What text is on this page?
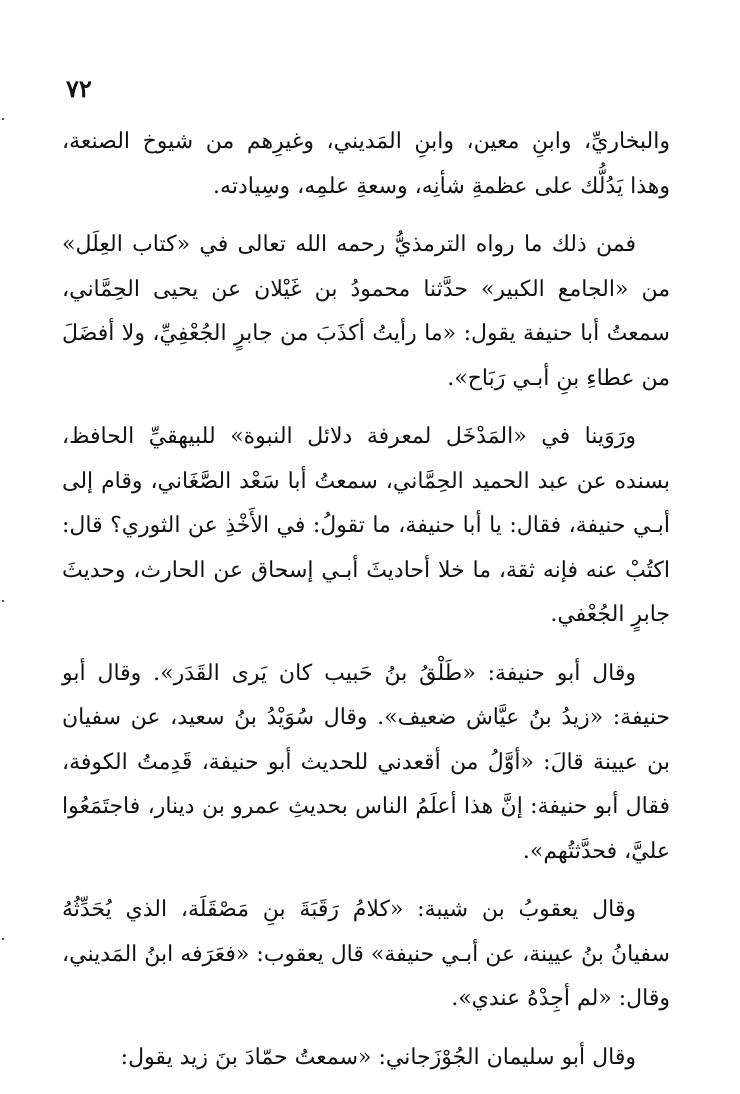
٧٢

والبخاريِّ، وابنِ معين، وابنِ المَديني، وغيرِهم من شيوخ الصنعة، وهذا يَدُلُّك على عظمةِ شأنِه، وسعةِ علمِه، وسِيادته.

فمن ذلك ما رواه الترمذيُّ رحمه الله تعالى في «كتاب العِلَل» من «الجامع الكبير» حدَّثنا محمودُ بن غَيْلان عن يحيى الحِمَّاني، سمعتُ أبا حنيفة يقول: «ما رأيتُ أكذَبَ من جابرٍ الجُعْفِيِّ، ولا أفضَلَ من عطاءِ بنِ أبـي رَبَاح».

ورَوَينا في «المَدْخَل لمعرفة دلائل النبوة» للبيهقيِّ الحافظ، بسنده عن عبد الحميد الحِمَّاني، سمعتُ أبا سَعْد الصَّغَاني، وقام إلى أبـي حنيفة، فقال: يا أبا حنيفة، ما تقولُ: في الأَخْذِ عن الثوري؟ قال: اكتُبْ عنه فإنه ثقة، ما خلا أحاديثَ أبـي إسحاق عن الحارث، وحديثَ جابرٍ الجُعْفي.

وقال أبو حنيفة: «طَلْقُ بنُ حَبيب كان يَرى القَدَر». وقال أبو حنيفة: «زيدُ بنُ عيَّاش ضعيف». وقال سُوَيْدُ بنُ سعيد، عن سفيان بن عيينة قالَ: «أوَّلُ من أقعدني للحديث أبو حنيفة، قَدِمتُ الكوفة، فقال أبو حنيفة: إنَّ هذا أعلَمُ الناس بحديثِ عمرو بن دينار، فاجتَمَعُوا عليَّ، فحدَّثتُهم».

وقال يعقوبُ بن شيبة: «كلامُ رَقَبَةَ بنِ مَصْقَلَة، الذي يُحَدِّثُهُ سفيانُ بنُ عيينة، عن أبـي حنيفة» قال يعقوب: «فعَرَفه ابنُ المَديني، وقال: «لم أجِدْهُ عندي».

وقال أبو سليمان الجُوْزَجاني: «سمعتُ حمّادَ بنَ زيد يقول:
